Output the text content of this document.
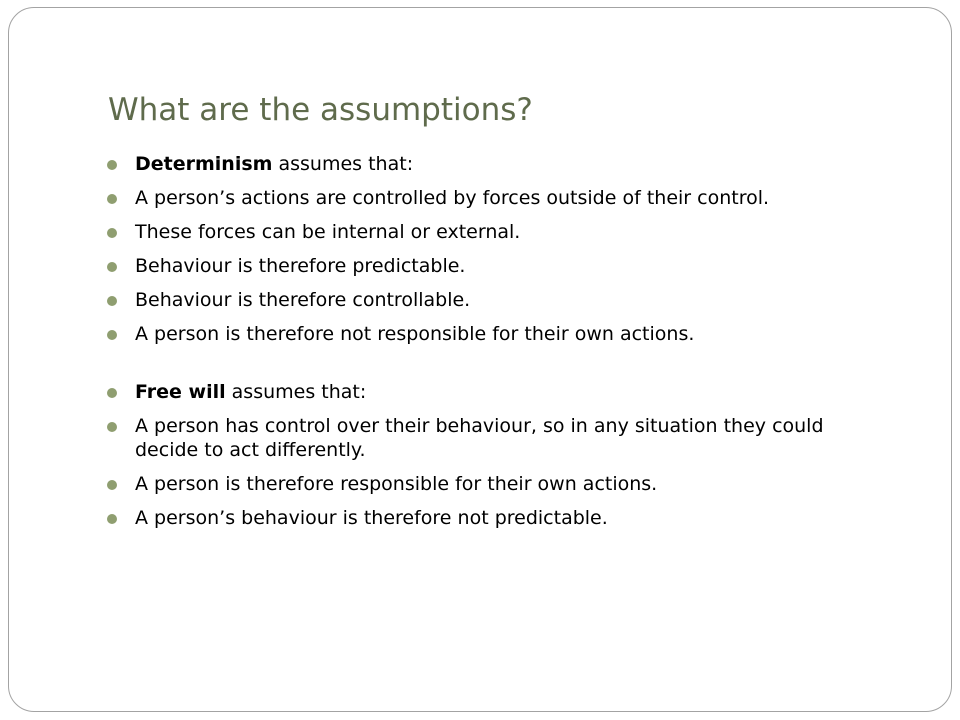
What are the assumptions?
Determinism assumes that:
A person’s actions are controlled by forces outside of their control.
These forces can be internal or external.
Behaviour is therefore predictable.
Behaviour is therefore controllable.
A person is therefore not responsible for their own actions.
Free will assumes that:
A person has control over their behaviour, so in any situation they could decide to act differently.
A person is therefore responsible for their own actions.
A person’s behaviour is therefore not predictable.
